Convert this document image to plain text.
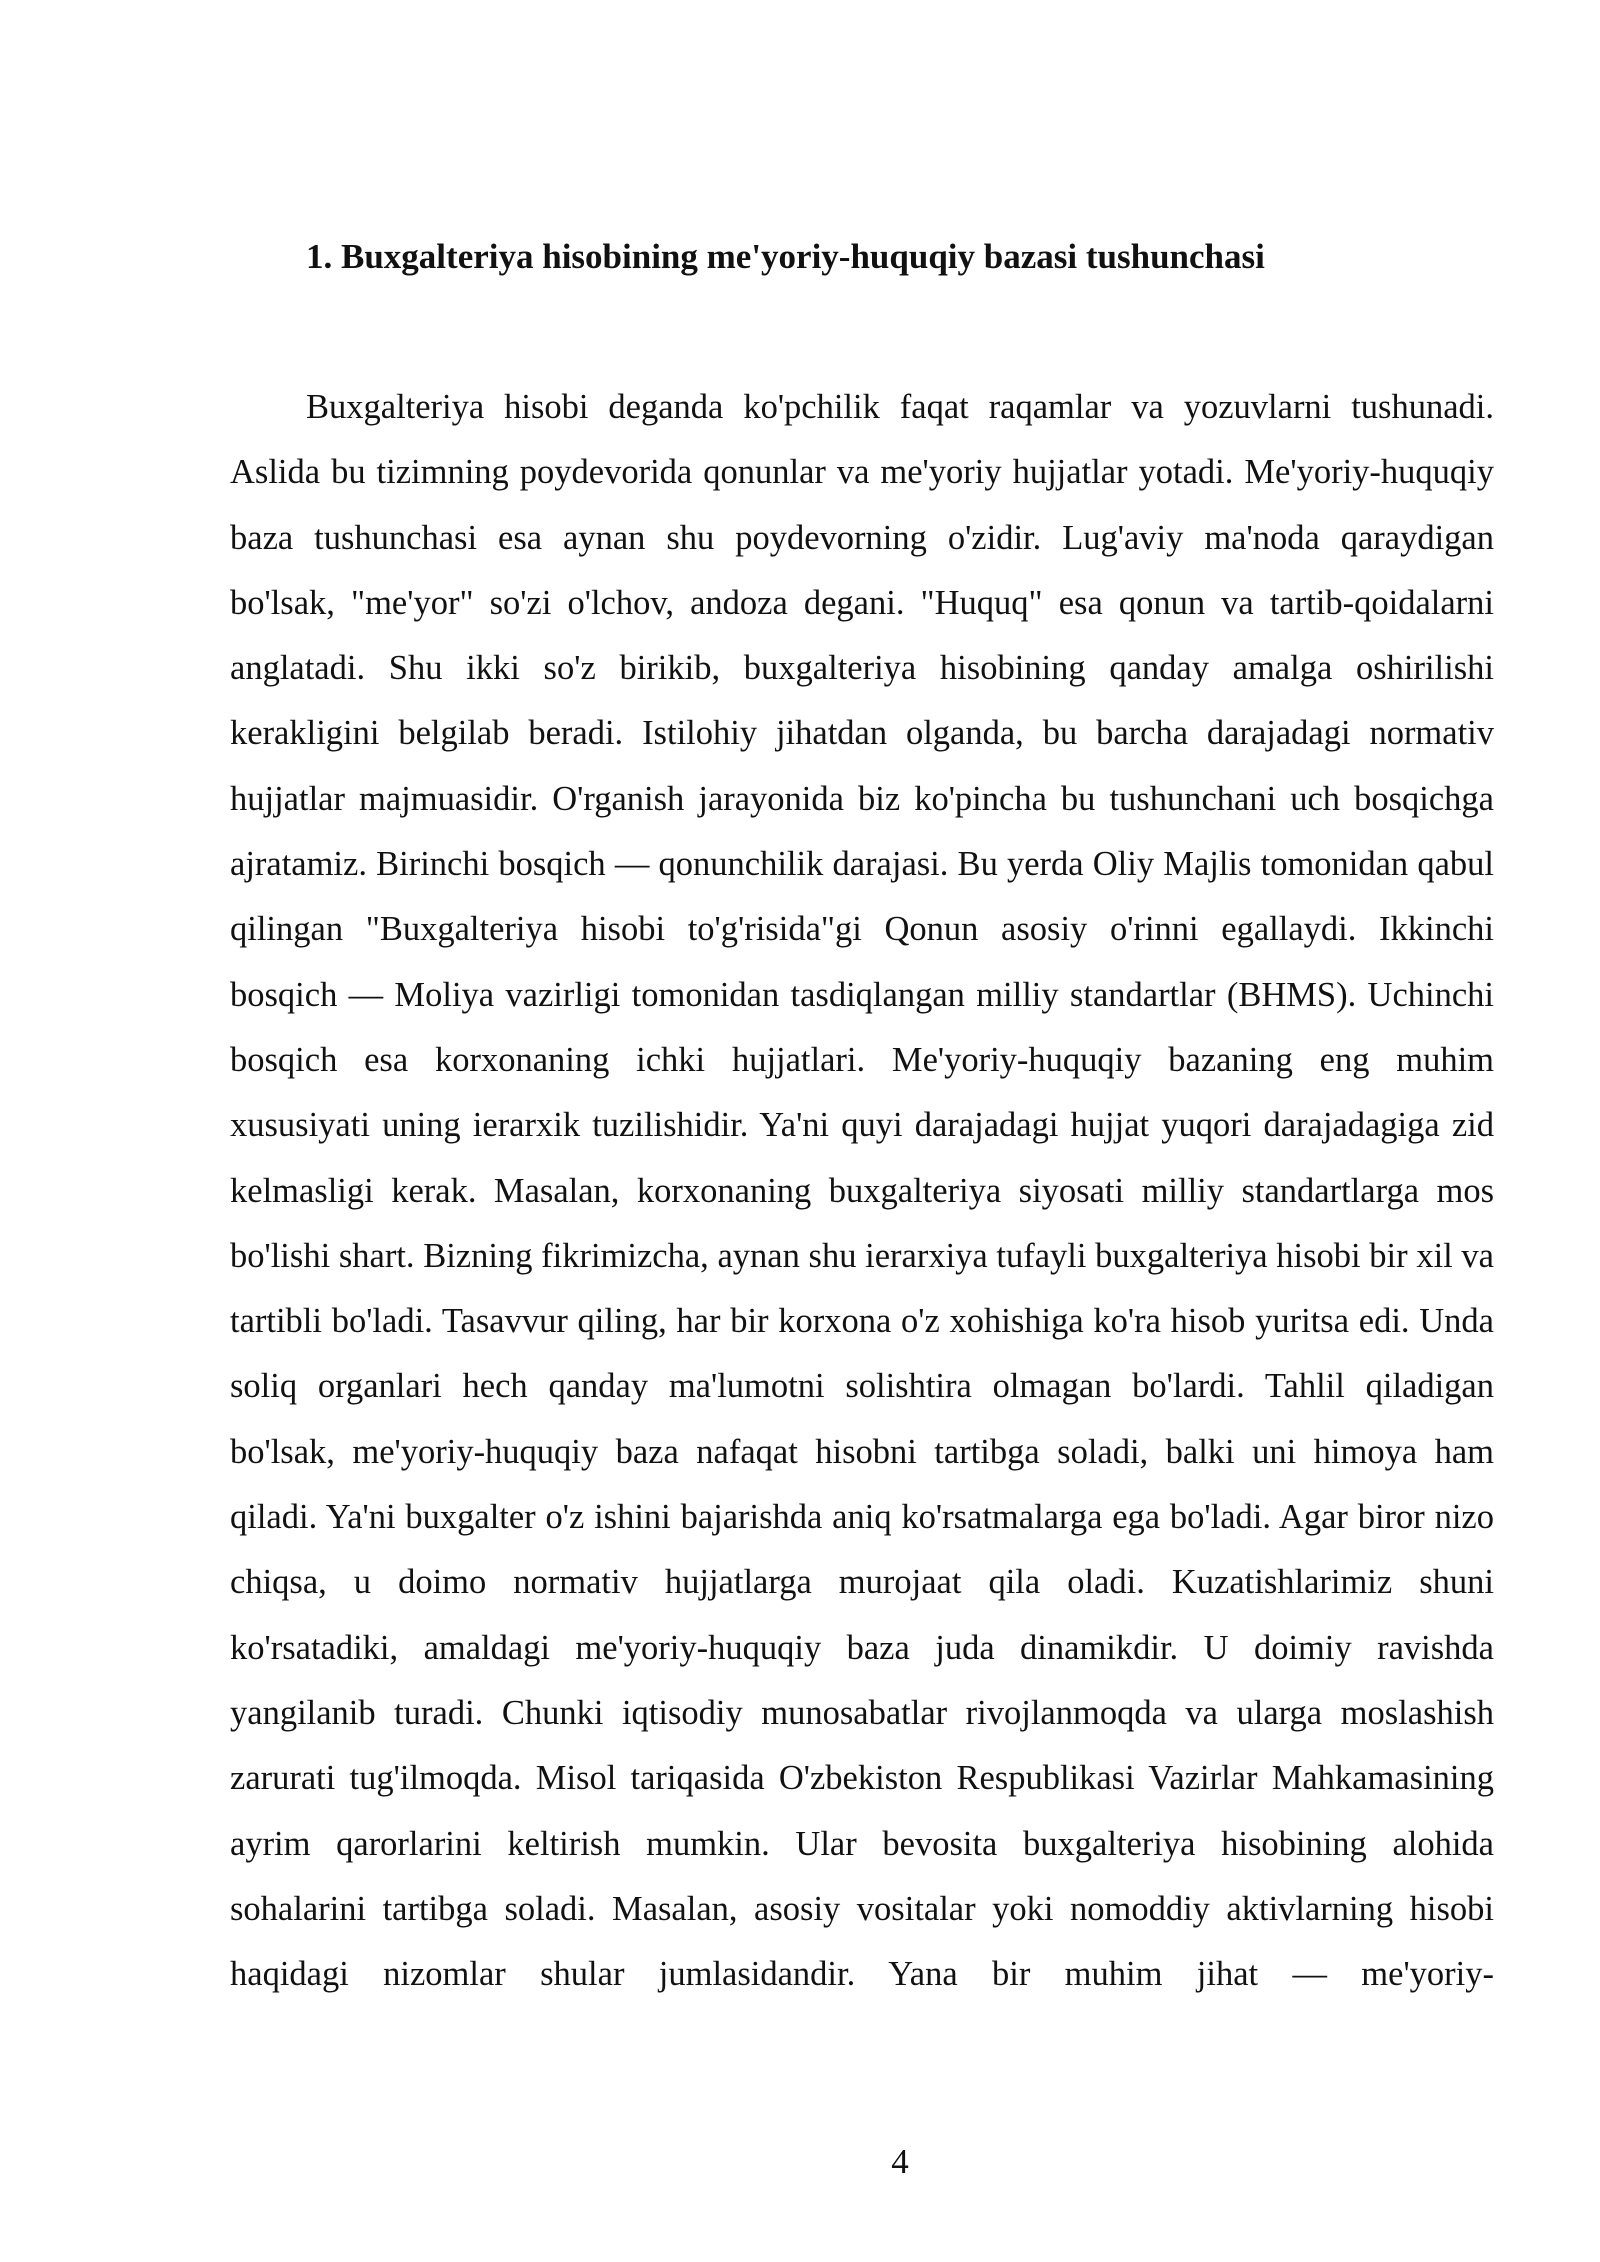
1. Buxgalteriya hisobining me'yoriy-huquqiy bazasi tushunchasi

Buxgalteriya hisobi deganda ko'pchilik faqat raqamlar va yozuvlarni tushunadi. Aslida bu tizimning poydevorida qonunlar va me'yoriy hujjatlar yotadi. Me'yoriy-huquqiy baza tushunchasi esa aynan shu poydevorning o'zidir. Lug'aviy ma'noda qaraydigan bo'lsak, "me'yor" so'zi o'lchov, andoza degani. "Huquq" esa qonun va tartib-qoidalarni anglatadi. Shu ikki so'z birikib, buxgalteriya hisobining qanday amalga oshirilishi kerakligini belgilab beradi. Istilohiy jihatdan olganda, bu barcha darajadagi normativ hujjatlar majmuasidir. O'rganish jarayonida biz ko'pincha bu tushunchani uch bosqichga ajratamiz. Birinchi bosqich — qonunchilik darajasi. Bu yerda Oliy Majlis tomonidan qabul qilingan "Buxgalteriya hisobi to'g'risida"gi Qonun asosiy o'rinni egallaydi. Ikkinchi bosqich — Moliya vazirligi tomonidan tasdiqlangan milliy standartlar (BHMS). Uchinchi bosqich esa korxonaning ichki hujjatlari. Me'yoriy-huquqiy bazaning eng muhim xususiyati uning ierarxik tuzilishidir. Ya'ni quyi darajadagi hujjat yuqori darajadagiga zid kelmasligi kerak. Masalan, korxonaning buxgalteriya siyosati milliy standartlarga mos bo'lishi shart. Bizning fikrimizcha, aynan shu ierarxiya tufayli buxgalteriya hisobi bir xil va tartibli bo'ladi. Tasavvur qiling, har bir korxona o'z xohishiga ko'ra hisob yuritsa edi. Unda soliq organlari hech qanday ma'lumotni solishtira olmagan bo'lardi. Tahlil qiladigan bo'lsak, me'yoriy-huquqiy baza nafaqat hisobni tartibga soladi, balki uni himoya ham qiladi. Ya'ni buxgalter o'z ishini bajarishda aniq ko'rsatmalarga ega bo'ladi. Agar biror nizo chiqsa, u doimo normativ hujjatlarga murojaat qila oladi. Kuzatishlarimiz shuni ko'rsatadiki, amaldagi me'yoriy-huquqiy baza juda dinamikdir. U doimiy ravishda yangilanib turadi. Chunki iqtisodiy munosabatlar rivojlanmoqda va ularga moslashish zarurati tug'ilmoqda. Misol tariqasida O'zbekiston Respublikasi Vazirlar Mahkamasining ayrim qarorlarini keltirish mumkin. Ular bevosita buxgalteriya hisobining alohida sohalarini tartibga soladi. Masalan, asosiy vositalar yoki nomoddiy aktivlarning hisobi haqidagi nizomlar shular jumlasidandir. Yana bir muhim jihat — me'yoriy-

4
